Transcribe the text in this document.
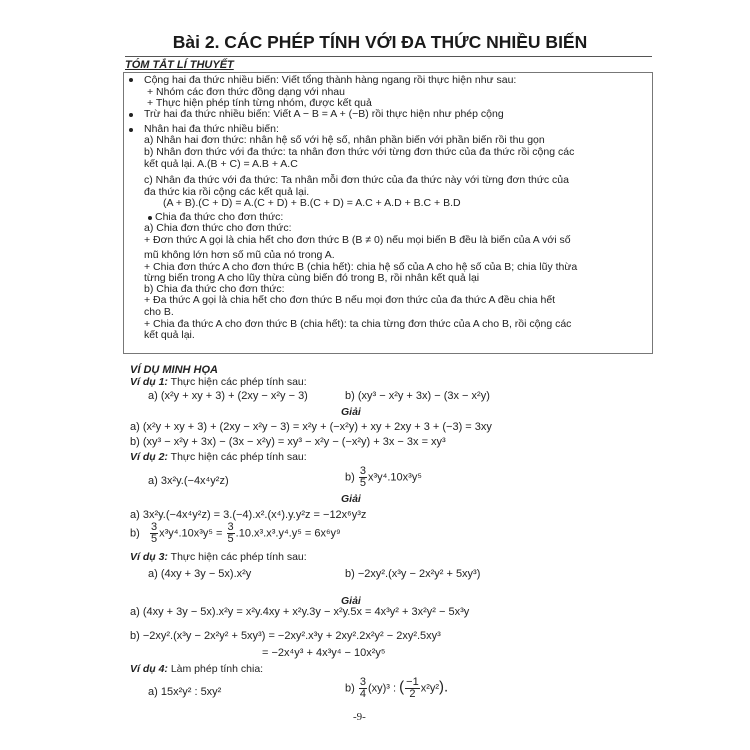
Bài 2. CÁC PHÉP TÍNH VỚI ĐA THỨC NHIỀU BIẾN
TÓM TẮT LÍ THUYẾT
Cộng hai đa thức nhiều biến: Viết tổng thành hàng ngang rồi thực hiện như sau:
+ Nhóm các đơn thức đồng dạng với nhau
+ Thực hiện phép tính từng nhóm, được kết quả
Trừ hai đa thức nhiều biến: Viết A − B = A + (−B) rồi thực hiện như phép cộng
Nhân hai đa thức nhiều biến:
a) Nhân hai đơn thức: nhân hệ số với hệ số, nhân phần biến với phần biến rồi thu gọn
b) Nhân đơn thức với đa thức: ta nhân đơn thức với từng đơn thức của đa thức rồi cộng các
kết quả lại. A.(B + C) = A.B + A.C
c) Nhân đa thức với đa thức: Ta nhân mỗi đơn thức của đa thức này với từng đơn thức của
đa thức kia rồi cộng các kết quả lại.
(A + B).(C + D) = A.(C + D) + B.(C + D) = A.C + A.D + B.C + B.D
Chia đa thức cho đơn thức:
a) Chia đơn thức cho đơn thức:
+ Đơn thức A gọi là chia hết cho đơn thức B (B ≠ 0) nếu mọi biến B đều là biến của A với số
mũ không lớn hơn số mũ của nó trong A.
+ Chia đơn thức A cho đơn thức B (chia hết): chia hệ số của A cho hệ số của B; chia lũy thừa
từng biến trong A cho lũy thừa cùng biến đó trong B, rồi nhân kết quả lại
b) Chia đa thức cho đơn thức:
+ Đa thức A gọi là chia hết cho đơn thức B nếu mọi đơn thức của đa thức A đều chia hết
cho B.
+ Chia đa thức A cho đơn thức B (chia hết): ta chia từng đơn thức của A cho B, rồi cộng các
kết quả lại.
VÍ DỤ MINH HỌA
Ví dụ 1: Thực hiện các phép tính sau:
a) (x²y + xy + 3) + (2xy − x²y − 3)	b) (xy³ − x²y + 3x) − (3x − x²y)
Giải
a) (x²y + xy + 3) + (2xy − x²y − 3) = x²y + (−x²y) + xy + 2xy + 3 + (−3) = 3xy
b) (xy³ − x²y + 3x) − (3x − x²y) = xy³ − x²y − (−x²y) + 3x − 3x = xy³
Ví dụ 2: Thực hiện các phép tính sau:
a) 3x²y.(−4x⁴y²z)	$b) \frac{3}{5} x^3y^4.10x^3y^5$
Giải
a) 3x²y.(−4x⁴y²z) = 3.(−4).x².(x⁴).y.y²z = −12x⁶y³z
$b) \frac{3}{5} x^3y^4.10x^3y^5 = \frac{3}{5} .10.x^3.x^3.y^4.y^5 = 6x^6y^9$
Ví dụ 3: Thực hiện các phép tính sau:
a) (4xy + 3y − 5x).x²y	b) −2xy².(x³y − 2x²y² + 5xy³)
Giải
a) (4xy + 3y − 5x).x²y = x²y.4xy + x²y.3y − x²y.5x = 4x³y² + 3x²y² − 5x³y
b) −2xy².(x³y − 2x²y² + 5xy³) = −2xy².x³y + 2xy².2x²y² − 2xy².5xy³
= −2x⁴y³ + 4x³y⁴ − 10x²y⁵
Ví dụ 4: Làm phép tính chia:
a) 15x²y² : 5xy²	$b) \frac{3}{4} (xy)^3$ : ( $\frac{-1}{2} x^2y^2$).
-9-
